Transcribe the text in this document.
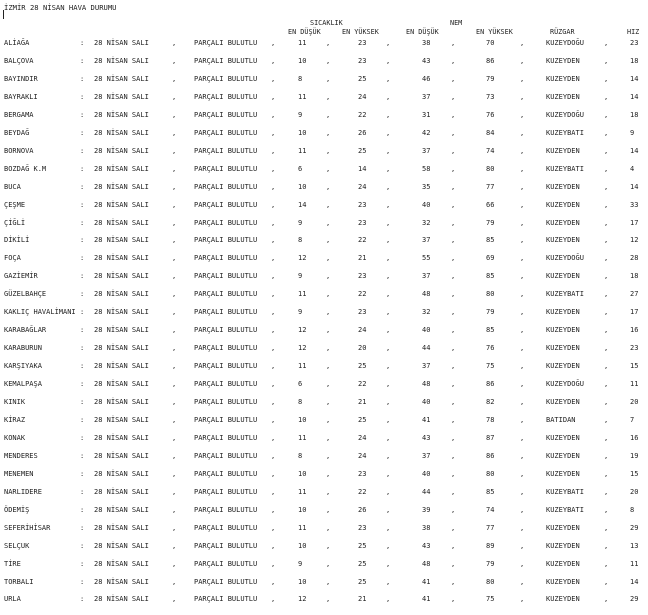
İZMİR 28 NİSAN HAVA DURUMU
SICAKLIK	NEM
EN DÜŞÜK	EN YÜKSEK	EN DÜŞÜK	EN YÜKSEK	RÜZGAR	HIZ
ALİAĞA	: 28 NİSAN SALI	,	PARÇALI BULUTLU ,	11	,	23	,	38	,	70	,	KUZEYDOĞU	,	23
BALÇOVA	: 28 NİSAN SALI	,	PARÇALI BULUTLU ,	10	,	23	,	43	,	86	,	KUZEYDEN	,	18
BAYINDIR	: 28 NİSAN SALI	,	PARÇALI BULUTLU ,	8	,	25	,	46	,	79	,	KUZEYDEN	,	14
BAYRAKLI	: 28 NİSAN SALI	,	PARÇALI BULUTLU ,	11	,	24	,	37	,	73	,	KUZEYDEN	,	14
BERGAMA	: 28 NİSAN SALI	,	PARÇALI BULUTLU ,	9	,	22	,	31	,	76	,	KUZEYDOĞU	,	18
BEYDAĞ	: 28 NİSAN SALI	,	PARÇALI BULUTLU ,	10	,	26	,	42	,	84	,	KUZEYBATI	,	9
BORNOVA	: 28 NİSAN SALI	,	PARÇALI BULUTLU ,	11	,	25	,	37	,	74	,	KUZEYDEN	,	14
BOZDAĞ K.M	: 28 NİSAN SALI	,	PARÇALI BULUTLU ,	6	,	14	,	58	,	80	,	KUZEYBATI	,	4
BUCA	: 28 NİSAN SALI	,	PARÇALI BULUTLU ,	10	,	24	,	35	,	77	,	KUZEYDEN	,	14
ÇEŞME	: 28 NİSAN SALI	,	PARÇALI BULUTLU ,	14	,	23	,	40	,	66	,	KUZEYDEN	,	33
ÇİĞLİ	: 28 NİSAN SALI	,	PARÇALI BULUTLU ,	9	,	23	,	32	,	79	,	KUZEYDEN	,	17
DİKİLİ	: 28 NİSAN SALI	,	PARÇALI BULUTLU ,	8	,	22	,	37	,	85	,	KUZEYDEN	,	12
FOÇA	: 28 NİSAN SALI	,	PARÇALI BULUTLU ,	12	,	21	,	55	,	69	,	KUZEYDOĞU	,	28
GAZİEMİR	: 28 NİSAN SALI	,	PARÇALI BULUTLU ,	9	,	23	,	37	,	85	,	KUZEYDEN	,	18
GÜZELBAHÇE	: 28 NİSAN SALI	,	PARÇALI BULUTLU ,	11	,	22	,	48	,	80	,	KUZEYBATI	,	27
KAKLIÇ HAVALİMANI : 28 NİSAN SALI	,	PARÇALI BULUTLU ,	9	,	23	,	32	,	79	,	KUZEYDEN	,	17
KARABAĞLAR	: 28 NİSAN SALI	,	PARÇALI BULUTLU ,	12	,	24	,	40	,	85	,	KUZEYDEN	,	16
KARABURUN	: 28 NİSAN SALI	,	PARÇALI BULUTLU ,	12	,	20	,	44	,	76	,	KUZEYDEN	,	23
KARŞIYAKA	: 28 NİSAN SALI	,	PARÇALI BULUTLU ,	11	,	25	,	37	,	75	,	KUZEYDEN	,	15
KEMALPAŞA	: 28 NİSAN SALI	,	PARÇALI BULUTLU ,	6	,	22	,	48	,	86	,	KUZEYDOĞU	,	11
KINIK	: 28 NİSAN SALI	,	PARÇALI BULUTLU ,	8	,	21	,	40	,	82	,	KUZEYDEN	,	20
KİRAZ	: 28 NİSAN SALI	,	PARÇALI BULUTLU ,	10	,	25	,	41	,	78	,	BATIDAN	,	7
KONAK	: 28 NİSAN SALI	,	PARÇALI BULUTLU ,	11	,	24	,	43	,	87	,	KUZEYDEN	,	16
MENDERES	: 28 NİSAN SALI	,	PARÇALI BULUTLU ,	8	,	24	,	37	,	86	,	KUZEYDEN	,	19
MENEMEN	: 28 NİSAN SALI	,	PARÇALI BULUTLU ,	10	,	23	,	40	,	80	,	KUZEYDEN	,	15
NARLIDERE	: 28 NİSAN SALI	,	PARÇALI BULUTLU ,	11	,	22	,	44	,	85	,	KUZEYBATI	,	20
ÖDEMİŞ	: 28 NİSAN SALI	,	PARÇALI BULUTLU ,	10	,	26	,	39	,	74	,	KUZEYBATI	,	8
SEFERİHİSAR	: 28 NİSAN SALI	,	PARÇALI BULUTLU ,	11	,	23	,	38	,	77	,	KUZEYDEN	,	29
SELÇUK	: 28 NİSAN SALI	,	PARÇALI BULUTLU ,	10	,	25	,	43	,	89	,	KUZEYDEN	,	13
TİRE	: 28 NİSAN SALI	,	PARÇALI BULUTLU ,	9	,	25	,	48	,	79	,	KUZEYDEN	,	11
TORBALI	: 28 NİSAN SALI	,	PARÇALI BULUTLU ,	10	,	25	,	41	,	80	,	KUZEYDEN	,	14
URLA	: 28 NİSAN SALI	,	PARÇALI BULUTLU ,	12	,	21	,	41	,	75	,	KUZEYDEN	,	29
